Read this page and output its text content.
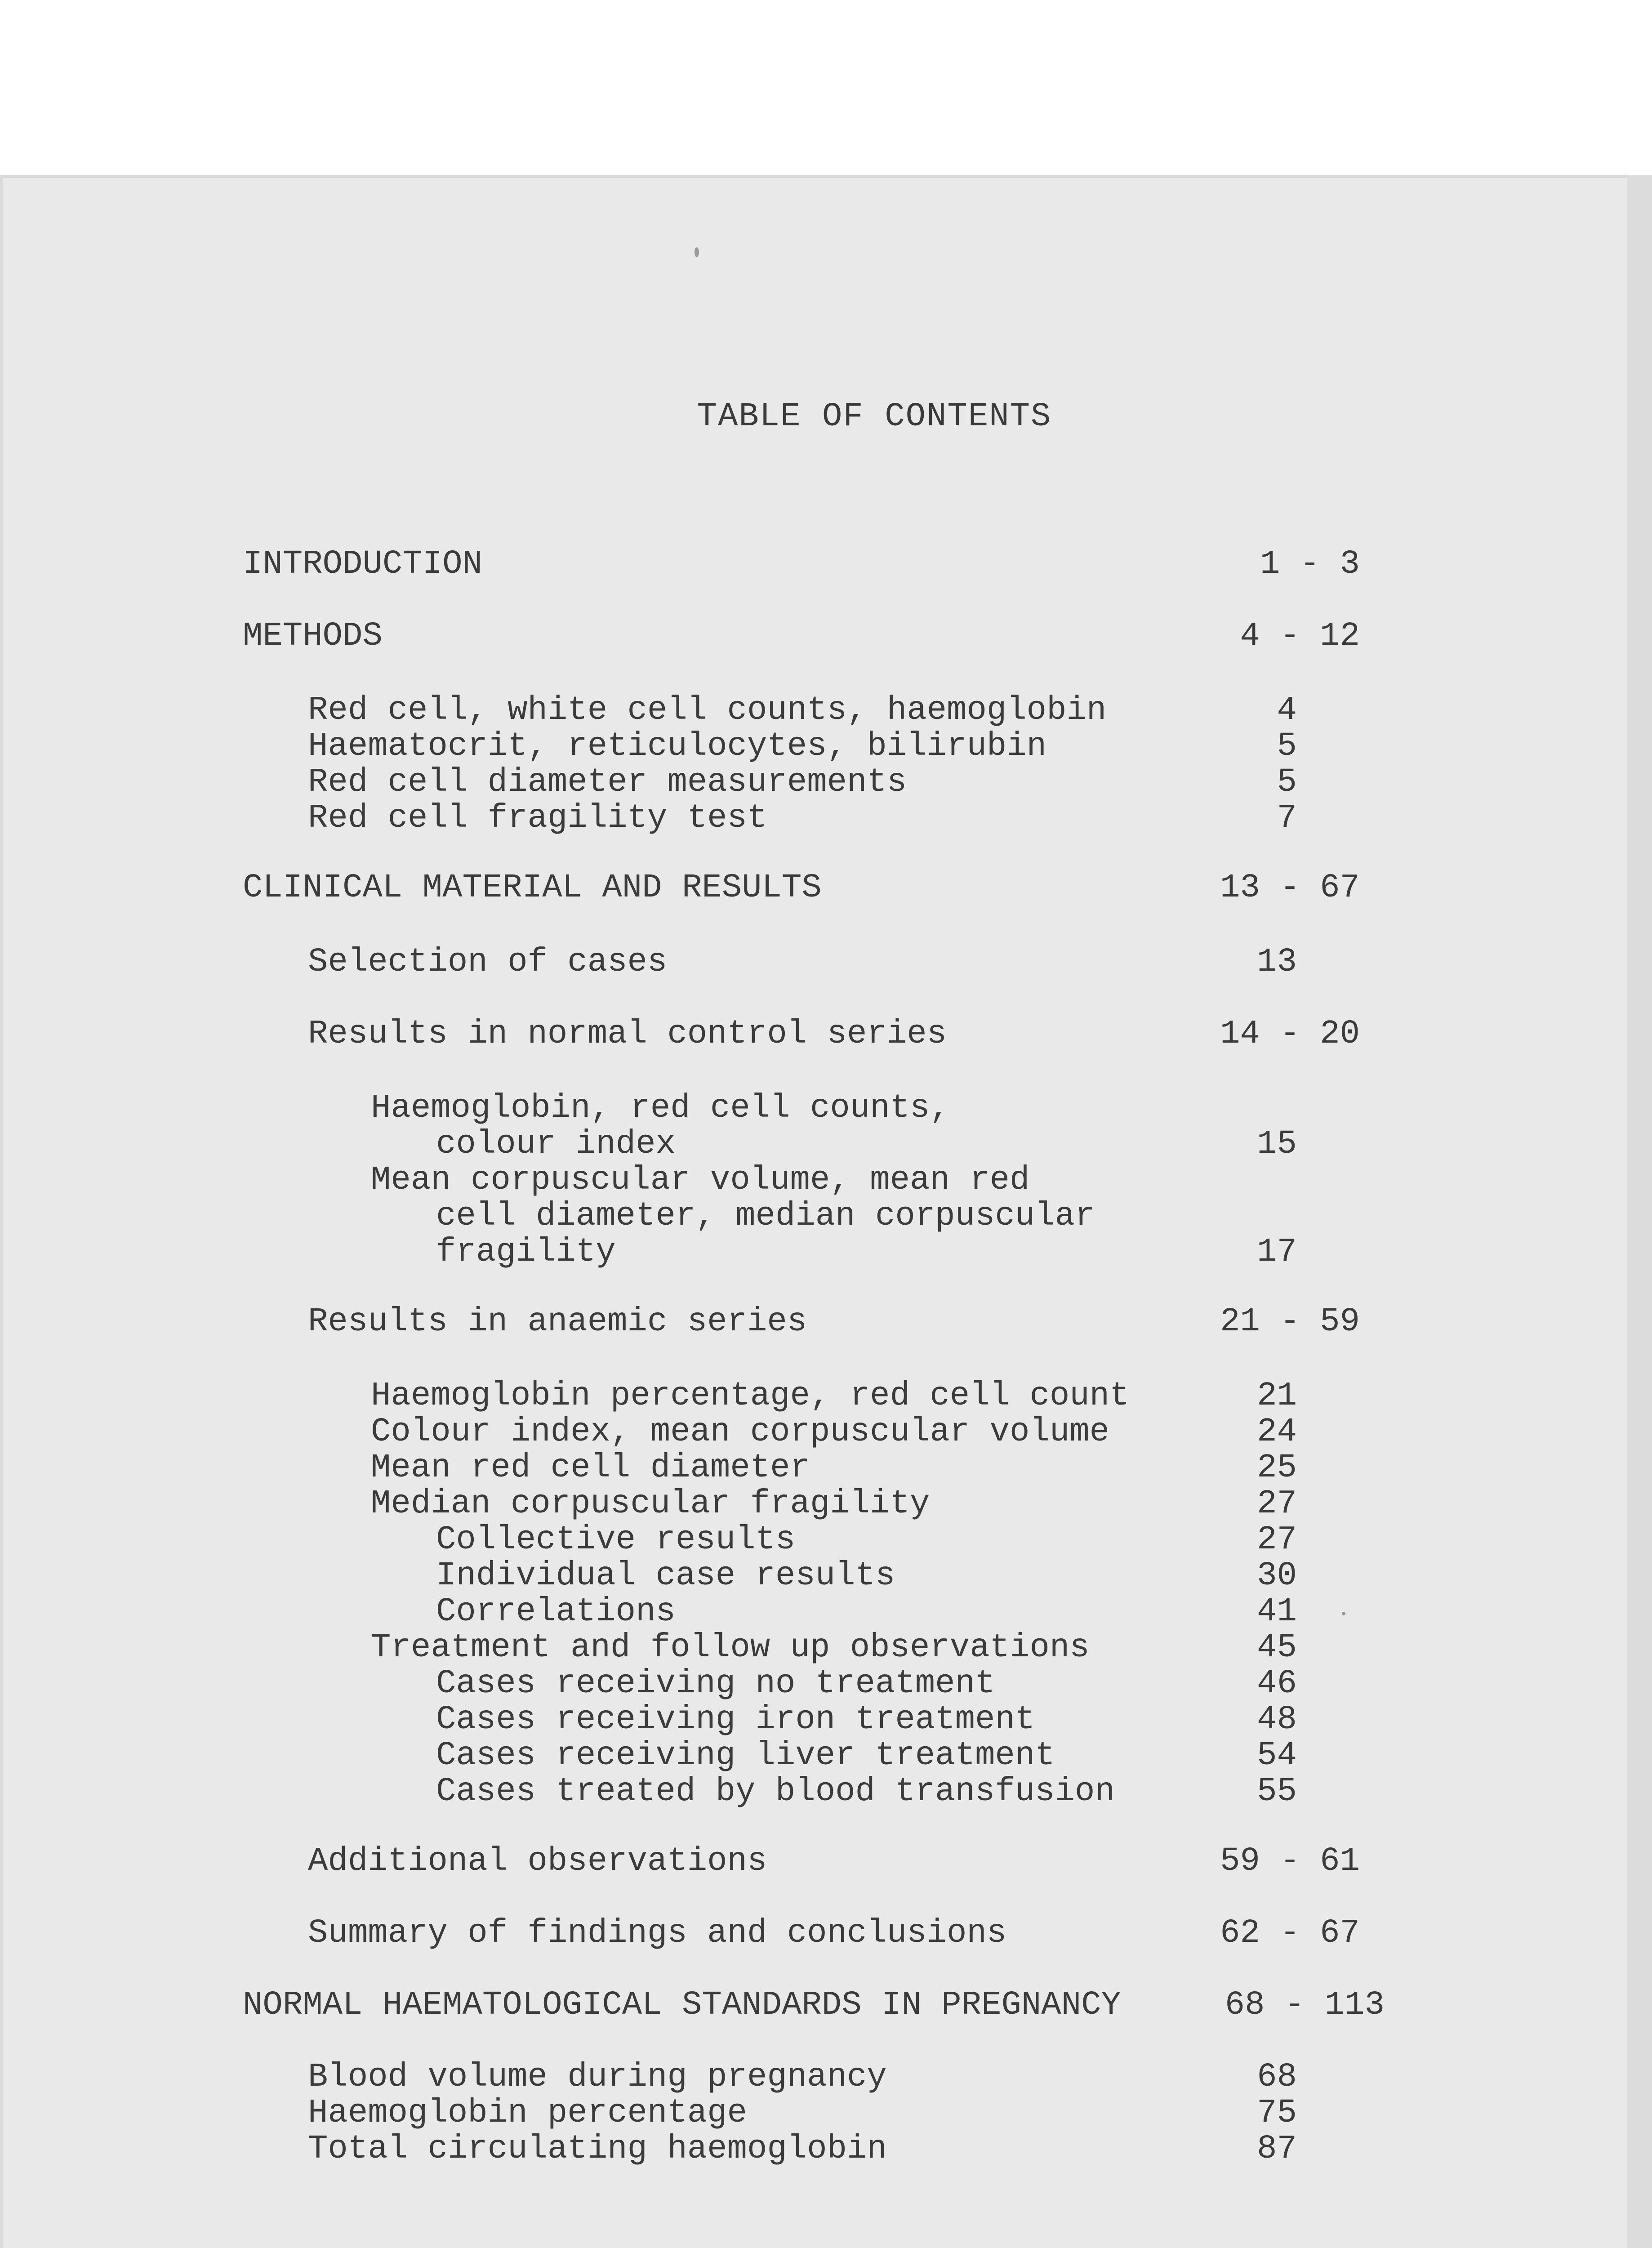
TABLE OF CONTENTS
INTRODUCTION	1 - 3
METHODS	4 - 12
Red cell, white cell counts, haemoglobin	4
Haematocrit, reticulocytes, bilirubin	5
Red cell diameter measurements	5
Red cell fragility test	7
CLINICAL MATERIAL AND RESULTS	13 - 67
Selection of cases	13
Results in normal control series	14 - 20
Haemoglobin, red cell counts,
colour index	15
Mean corpuscular volume, mean red
cell diameter, median corpuscular
fragility	17
Results in anaemic series	21 - 59
Haemoglobin percentage, red cell count	21
Colour index, mean corpuscular volume	24
Mean red cell diameter	25
Median corpuscular fragility	27
Collective results	27
Individual case results	30
Correlations	41
Treatment and follow up observations	45
Cases receiving no treatment	46
Cases receiving iron treatment	48
Cases receiving liver treatment	54
Cases treated by blood transfusion	55
Additional observations	59 - 61
Summary of findings and conclusions	62 - 67
NORMAL HAEMATOLOGICAL STANDARDS IN PREGNANCY	68 - 113
Blood volume during pregnancy	68
Haemoglobin percentage	75
Total circulating haemoglobin	87
